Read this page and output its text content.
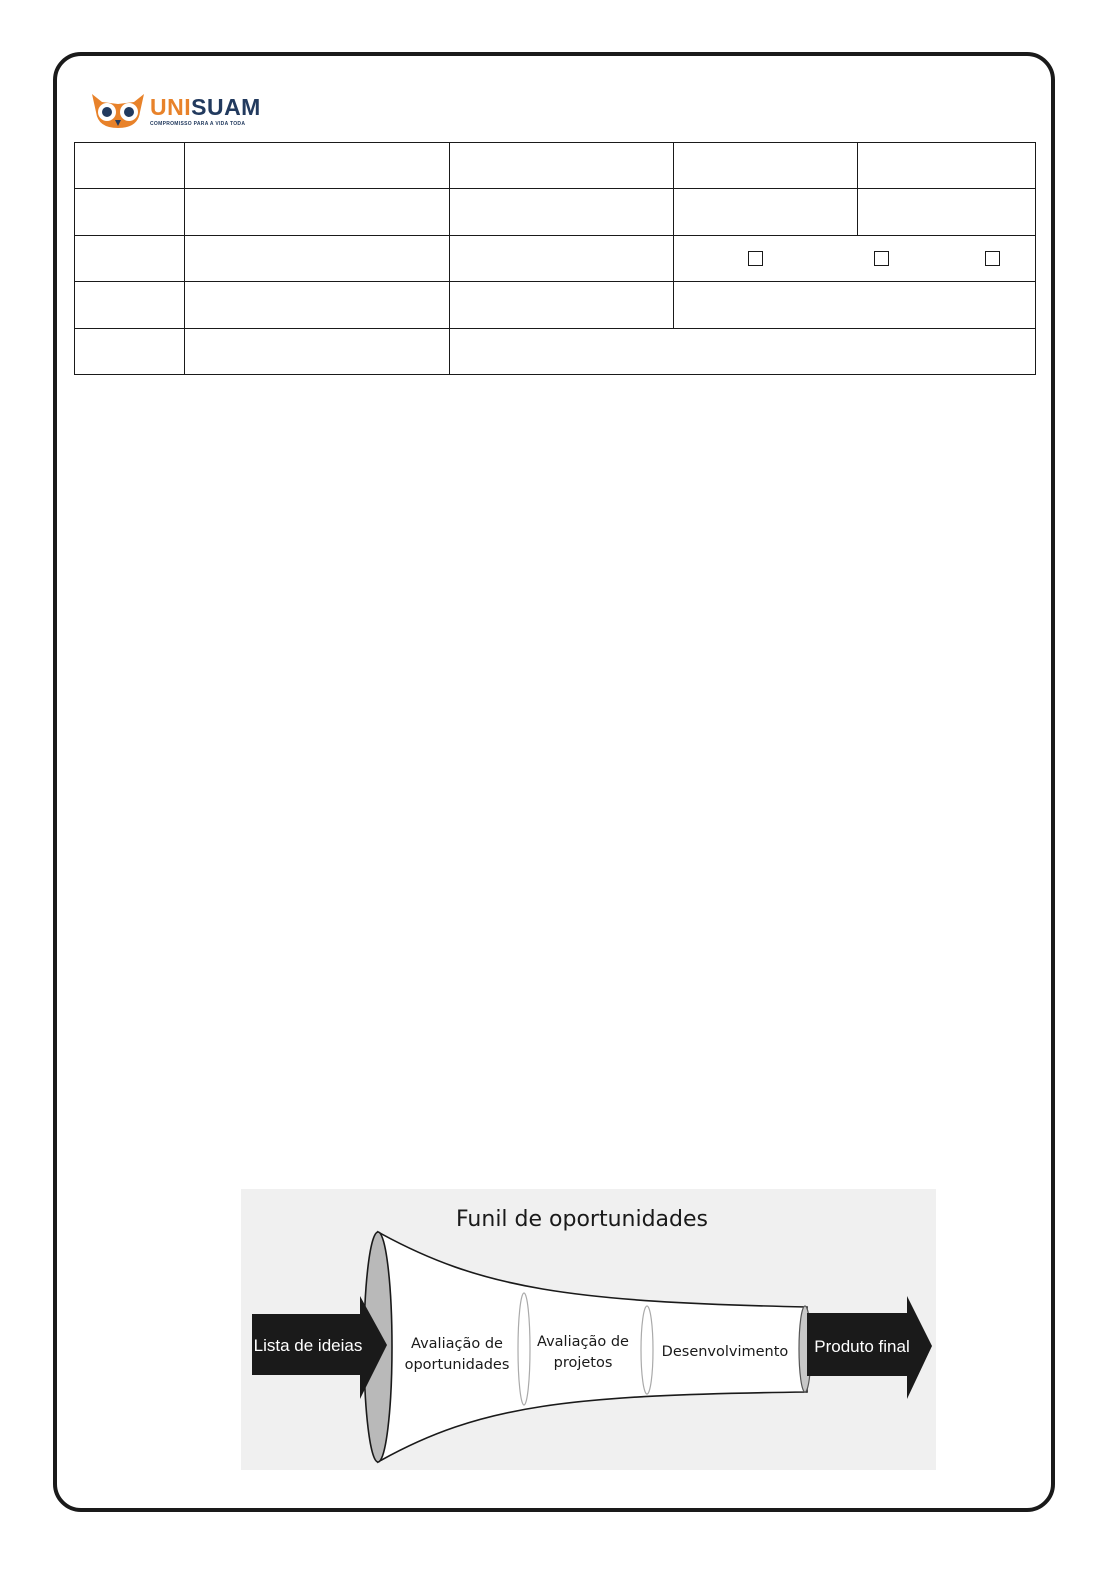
UNISUAM
COMPROMISSO PARA A VIDA TODA

Funil de oportunidades
Lista de ideias	Produto final
Avaliação de
oportunidades
Avaliação de
projetos
Desenvolvimento
